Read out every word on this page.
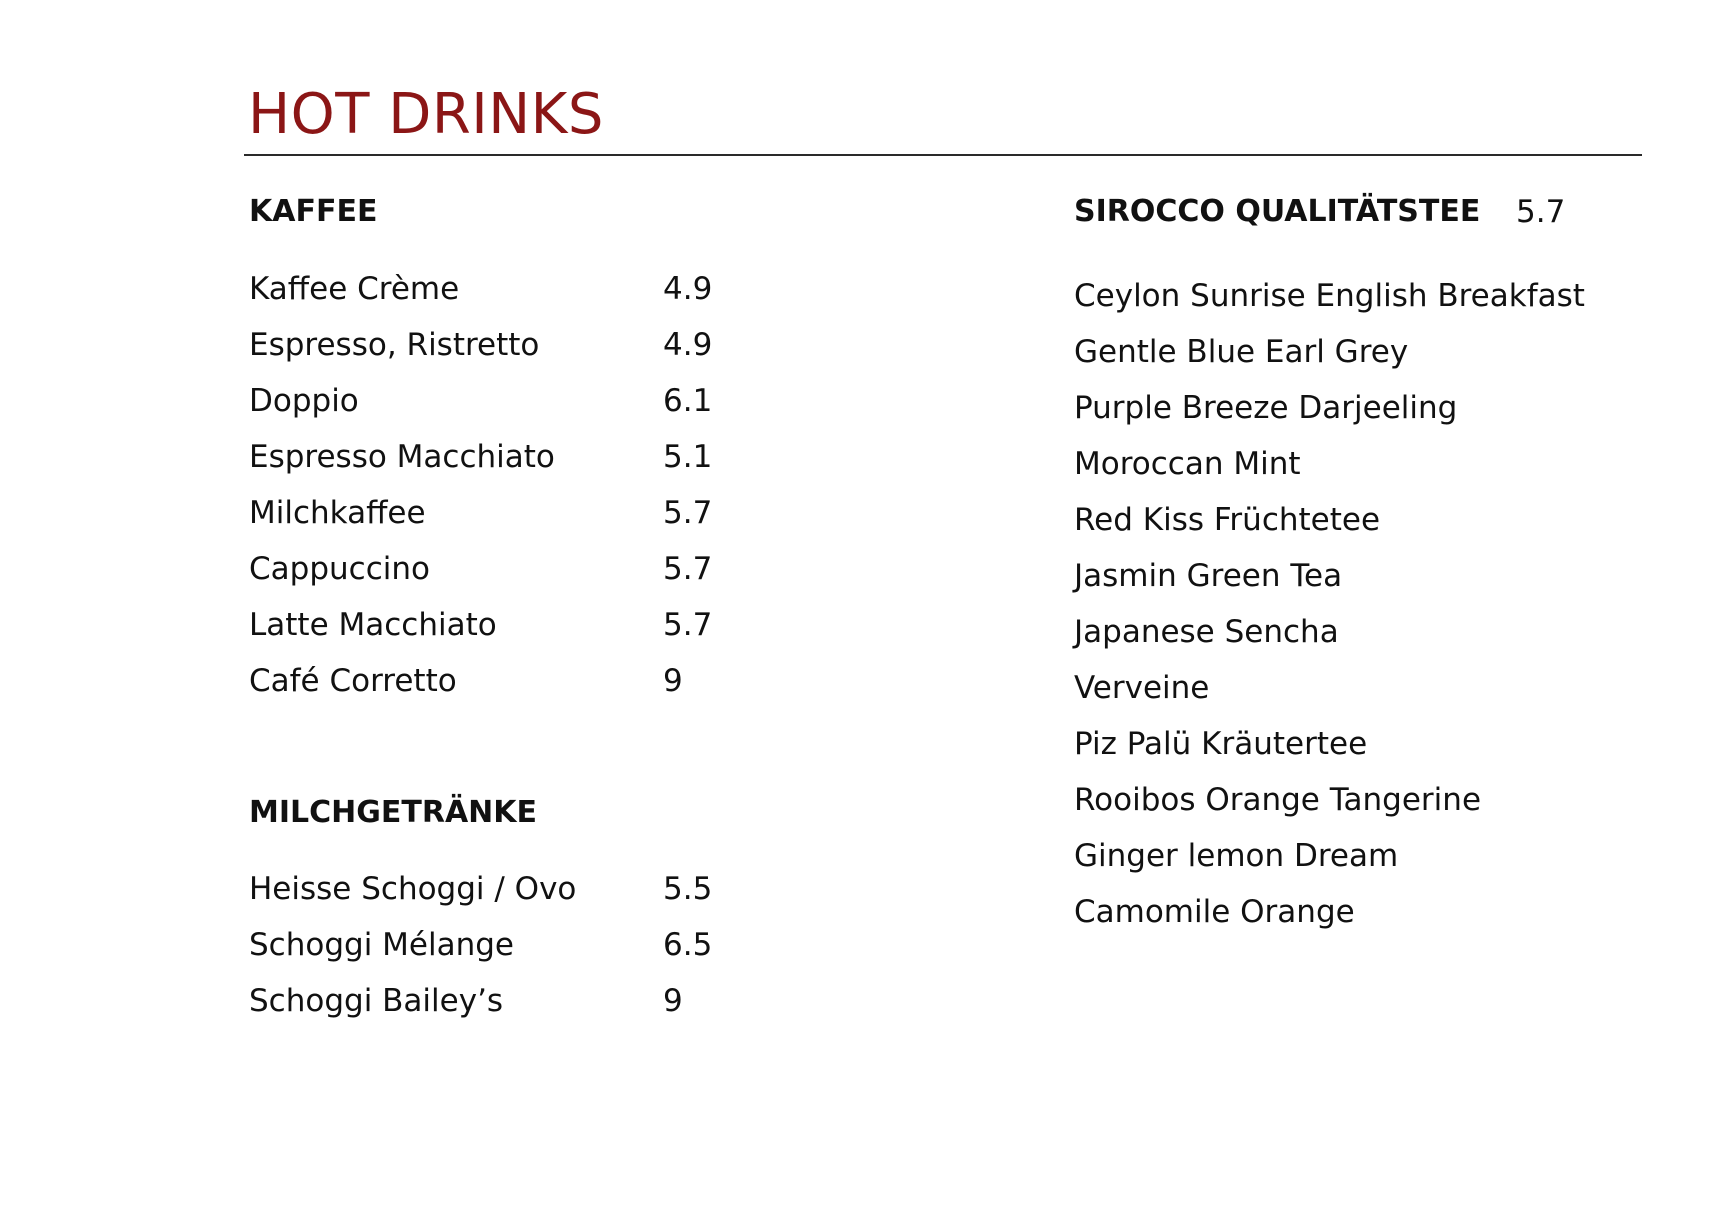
HOT DRINKS
KAFFEE
Kaffee Crème	4.9
Espresso, Ristretto	4.9
Doppio	6.1
Espresso Macchiato	5.1
Milchkaffee	5.7
Cappuccino	5.7
Latte Macchiato	5.7
Café Corretto	9
MILCHGETRÄNKE
Heisse Schoggi / Ovo	5.5
Schoggi Mélange	6.5
Schoggi Bailey’s	9
SIROCCO QUALITÄTSTEE 5.7
Ceylon Sunrise English Breakfast
Gentle Blue Earl Grey
Purple Breeze Darjeeling
Moroccan Mint
Red Kiss Früchtetee
Jasmin Green Tea
Japanese Sencha
Verveine
Piz Palü Kräutertee
Rooibos Orange Tangerine
Ginger lemon Dream
Camomile Orange
